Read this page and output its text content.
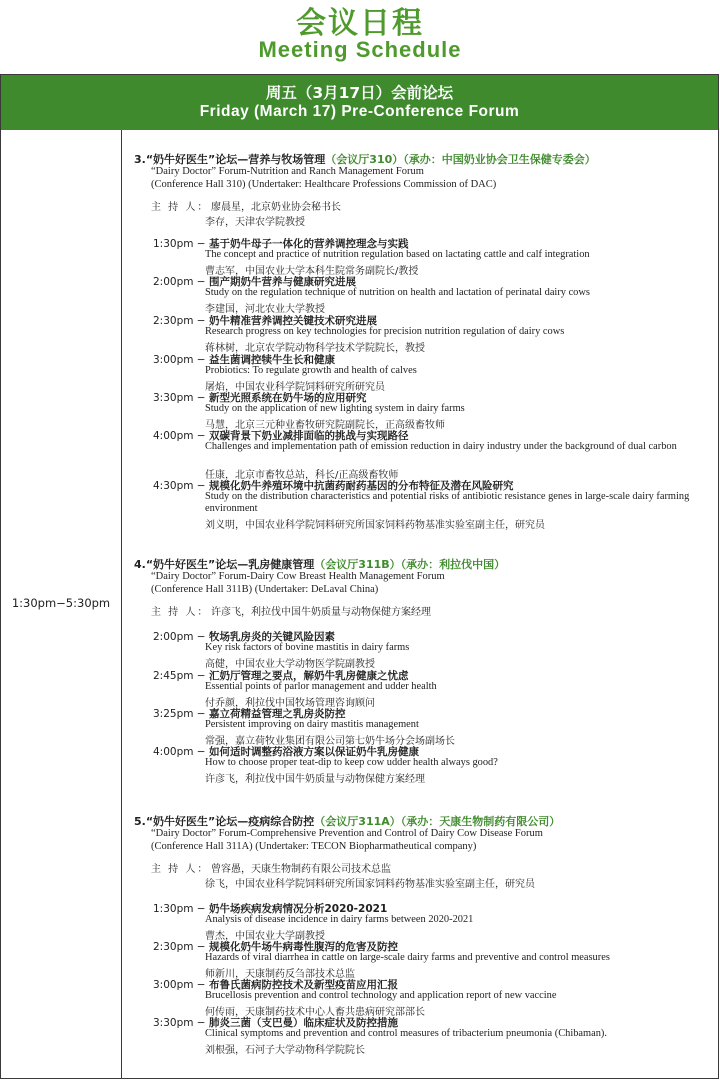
会议日程
Meeting Schedule
周五（3月17日）会前论坛
Friday (March 17) Pre-Conference Forum
1:30pm−5:30pm
3.“奶牛好医生”论坛—营养与牧场管理（会议厅310）（承办：中国奶业协会卫生保健专委会）
“Dairy Doctor” Forum-Nutrition and Ranch Management Forum
(Conference Hall 310) (Undertaker: Healthcare Professions Commission of DAC)
主 持 人： 廖晨星，北京奶业协会秘书长
李存，天津农学院教授
1:30pm − 基于奶牛母子一体化的营养调控理念与实践
The concept and practice of nutrition regulation based on lactating cattle and calf integration
曹志军，中国农业大学本科生院常务副院长/教授
2:00pm − 围产期奶牛营养与健康研究进展
Study on the regulation technique of nutrition on health and lactation of perinatal dairy cows
李建国，河北农业大学教授
2:30pm − 奶牛精准营养调控关键技术研究进展
Research progress on key technologies for precision nutrition regulation of dairy cows
蒋林树，北京农学院动物科学技术学院院长，教授
3:00pm − 益生菌调控犊牛生长和健康
Probiotics: To regulate growth and health of calves
屠焰，中国农业科学院饲料研究所研究员
3:30pm − 新型光照系统在奶牛场的应用研究
Study on the application of new lighting system in dairy farms
马慧，北京三元种业畜牧研究院副院长，正高级畜牧师
4:00pm − 双碳背景下奶业减排面临的挑战与实现路径
Challenges and implementation path of emission reduction in dairy industry under the background of dual carbon
任康，北京市畜牧总站，科长/正高级畜牧师
4:30pm − 规模化奶牛养殖环境中抗菌药耐药基因的分布特征及潜在风险研究
Study on the distribution characteristics and potential risks of antibiotic resistance genes in large-scale dairy farming environment
刘义明，中国农业科学院饲料研究所国家饲料药物基准实验室副主任，研究员
4.“奶牛好医生”论坛—乳房健康管理（会议厅311B）（承办：利拉伐中国）
“Dairy Doctor” Forum-Dairy Cow Breast Health Management Forum
(Conference Hall 311B) (Undertaker: DeLaval China)
主 持 人： 许彦飞，利拉伐中国牛奶质量与动物保健方案经理
2:00pm − 牧场乳房炎的关键风险因素
Key risk factors of bovine mastitis in dairy farms
高健，中国农业大学动物医学院副教授
2:45pm − 汇奶厅管理之要点，解奶牛乳房健康之忧虑
Essential points of parlor management and udder health
付乔颜，利拉伐中国牧场管理咨询顾问
3:25pm − 嘉立荷精益管理之乳房炎防控
Persistent improving on dairy mastitis management
常强，嘉立荷牧业集团有限公司第七奶牛场分会场副场长
4:00pm − 如何适时调整药浴液方案以保证奶牛乳房健康
How to choose proper teat-dip to keep cow udder health always good?
许彦飞，利拉伐中国牛奶质量与动物保健方案经理
5.“奶牛好医生”论坛—疫病综合防控（会议厅311A）（承办：天康生物制药有限公司）
“Dairy Doctor” Forum-Comprehensive Prevention and Control of Dairy Cow Disease Forum
(Conference Hall 311A) (Undertaker: TECON Biopharmatheutical company)
主 持 人： 曾容愚，天康生物制药有限公司技术总监
徐飞，中国农业科学院饲料研究所国家饲料药物基准实验室副主任，研究员
1:30pm − 奶牛场疾病发病情况分析2020-2021
Analysis of disease incidence in dairy farms between 2020-2021
曹杰，中国农业大学副教授
2:30pm − 规模化奶牛场牛病毒性腹泻的危害及防控
Hazards of viral diarrhea in cattle on large-scale dairy farms and preventive and control measures
师新川，天康制药反刍部技术总监
3:00pm − 布鲁氏菌病防控技术及新型疫苗应用汇报
Brucellosis prevention and control technology and application report of new vaccine
何传雨，天康制药技术中心人畜共患病研究部部长
3:30pm − 肺炎三菌（支巴曼）临床症状及防控措施
Clinical symptoms and prevention and control measures of tribacterium pneumonia (Chibaman).
刘根强，石河子大学动物科学院院长
